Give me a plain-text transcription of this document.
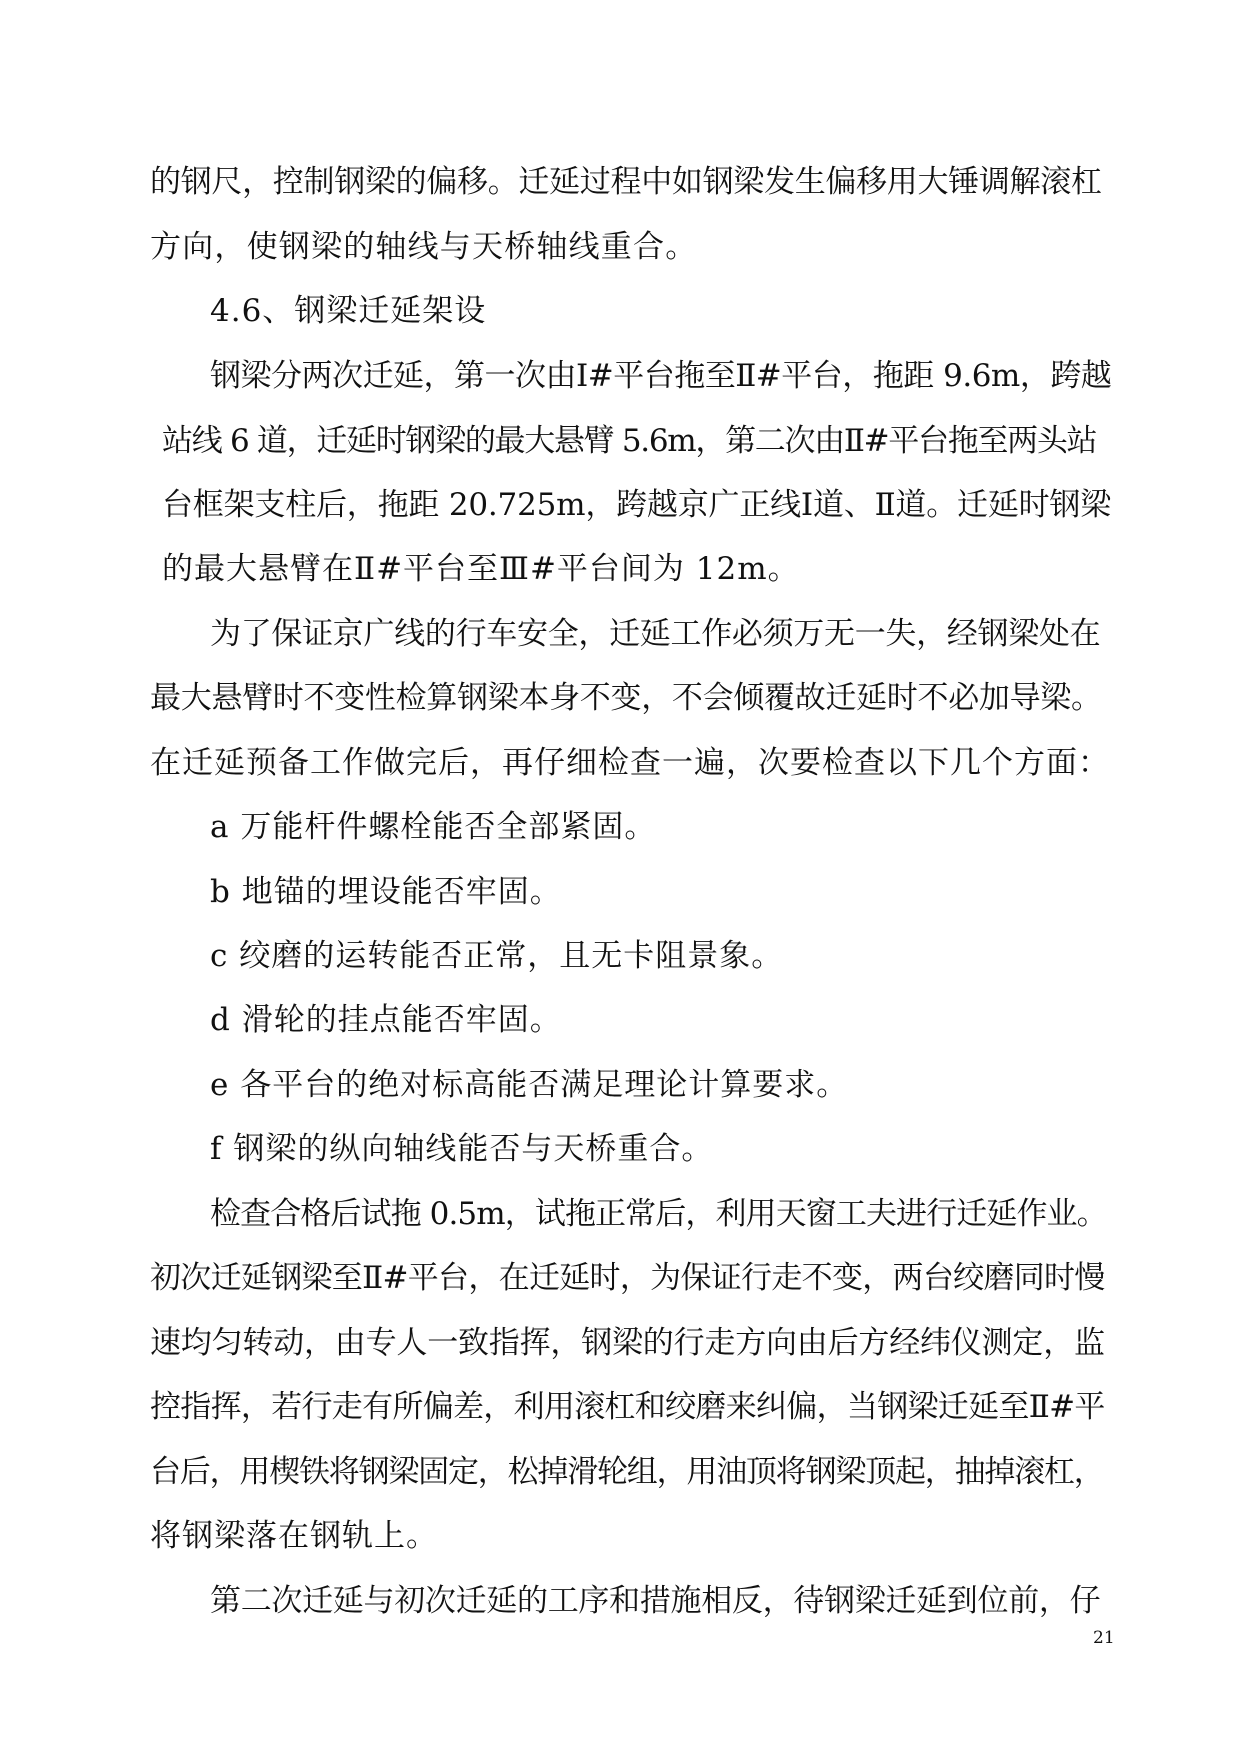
的钢尺，控制钢梁的偏移。迁延过程中如钢梁发生偏移用大锤调解滚杠
方向，使钢梁的轴线与天桥轴线重合。
4.6、钢梁迁延架设
钢梁分两次迁延，第一次由Ⅰ#平台拖至Ⅱ#平台，拖距 9.6m，跨越
站线 6 道，迁延时钢梁的最大悬臂 5.6m，第二次由Ⅱ#平台拖至两头站
台框架支柱后，拖距 20.725m，跨越京广正线Ⅰ道、Ⅱ道。迁延时钢梁
的最大悬臂在Ⅱ#平台至Ⅲ#平台间为 12m。
为了保证京广线的行车安全，迁延工作必须万无一失，经钢梁处在
最大悬臂时不变性检算钢梁本身不变，不会倾覆故迁延时不必加导梁。
在迁延预备工作做完后，再仔细检查一遍，次要检查以下几个方面：
a 万能杆件螺栓能否全部紧固。
b 地锚的埋设能否牢固。
c 绞磨的运转能否正常，且无卡阻景象。
d 滑轮的挂点能否牢固。
e 各平台的绝对标高能否满足理论计算要求。
f 钢梁的纵向轴线能否与天桥重合。
检查合格后试拖 0.5m，试拖正常后，利用天窗工夫进行迁延作业。
初次迁延钢梁至Ⅱ#平台，在迁延时，为保证行走不变，两台绞磨同时慢
速均匀转动，由专人一致指挥，钢梁的行走方向由后方经纬仪测定，监
控指挥，若行走有所偏差，利用滚杠和绞磨来纠偏，当钢梁迁延至Ⅱ#平
台后，用楔铁将钢梁固定，松掉滑轮组，用油顶将钢梁顶起，抽掉滚杠，
将钢梁落在钢轨上。
第二次迁延与初次迁延的工序和措施相反，待钢梁迁延到位前，仔
21
